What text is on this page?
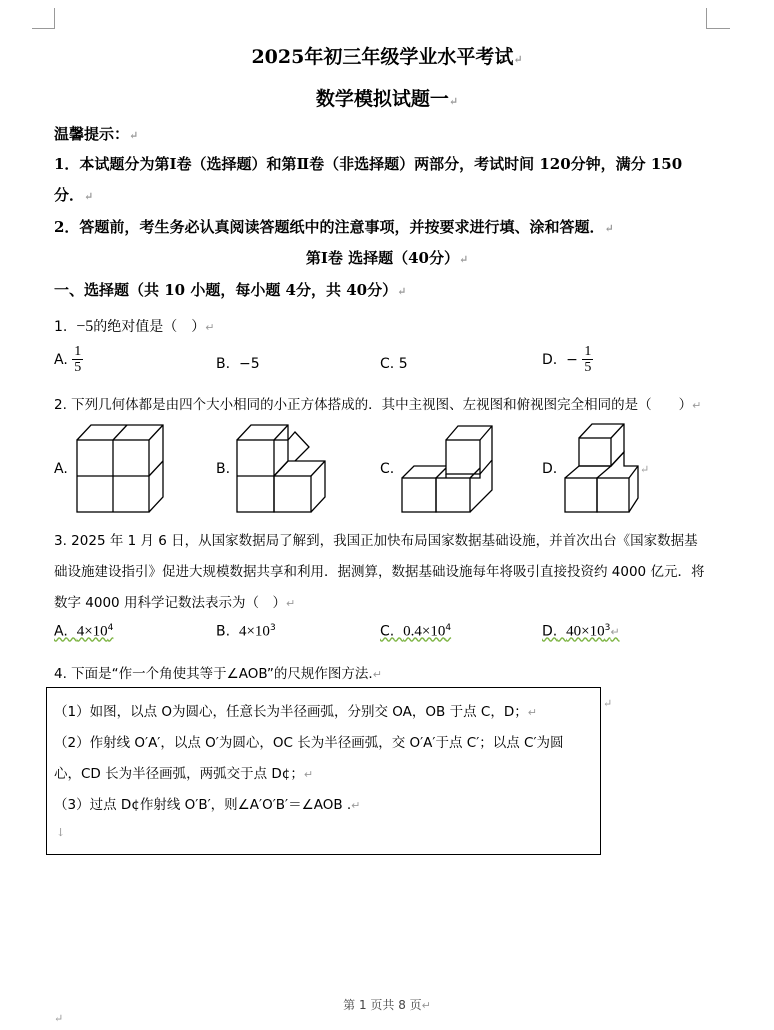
2025年初三年级学业水平考试↵
数学模拟试题一↵
温馨提示：↵
1．本试题分为第Ⅰ卷（选择题）和第Ⅱ卷（非选择题）两部分，考试时间 120分钟，满分 150
分．↵
2．答题前，考生务必认真阅读答题纸中的注意事项，并按要求进行填、涂和答题．↵
第Ⅰ卷 选择题（40分）↵
一、选择题（共 10 小题，每小题 4分，共 40分）↵
1. −5的绝对值是（　）↵
A. $\frac{1}{5}$	B. −5	C. 5	D. − $\frac{1}{5}$
2. 下列几何体都是由四个大小相同的小正方体搭成的．其中主视图、左视图和俯视图完全相同的是（　　）↵
A.	B.	C.	D.	↵
3. 2025 年 1 月 6 日，从国家数据局了解到，我国正加快布局国家数据基础设施，并首次出台《国家数据基
础设施建设指引》促进大规模数据共享和利用．据测算，数据基础设施每年将吸引直接投资约 4000 亿元．将
数字 4000 用科学记数法表示为（　）↵
A. $4\times 10^4$	B. $4\times 10^3$	C. $0.4\times 10^4$	D. $40\times 10^3↵$
4. 下面是“作一个角使其等于∠AOB”的尺规作图方法.↵
↵
（1）如图，以点 O为圆心，任意长为半径画弧，分别交 OA，OB 于点 C，D；↵
（2）作射线 O′A′，以点 O′为圆心，OC 长为半径画弧，交 O′A′于点 C′；以点 C′为圆
心，CD 长为半径画弧，两弧交于点 D¢；↵
（3）过点 D¢作射线 O′B′，则∠A′O′B′＝∠AOB .↵
↓
第 1 页共 8 页↵
↵
